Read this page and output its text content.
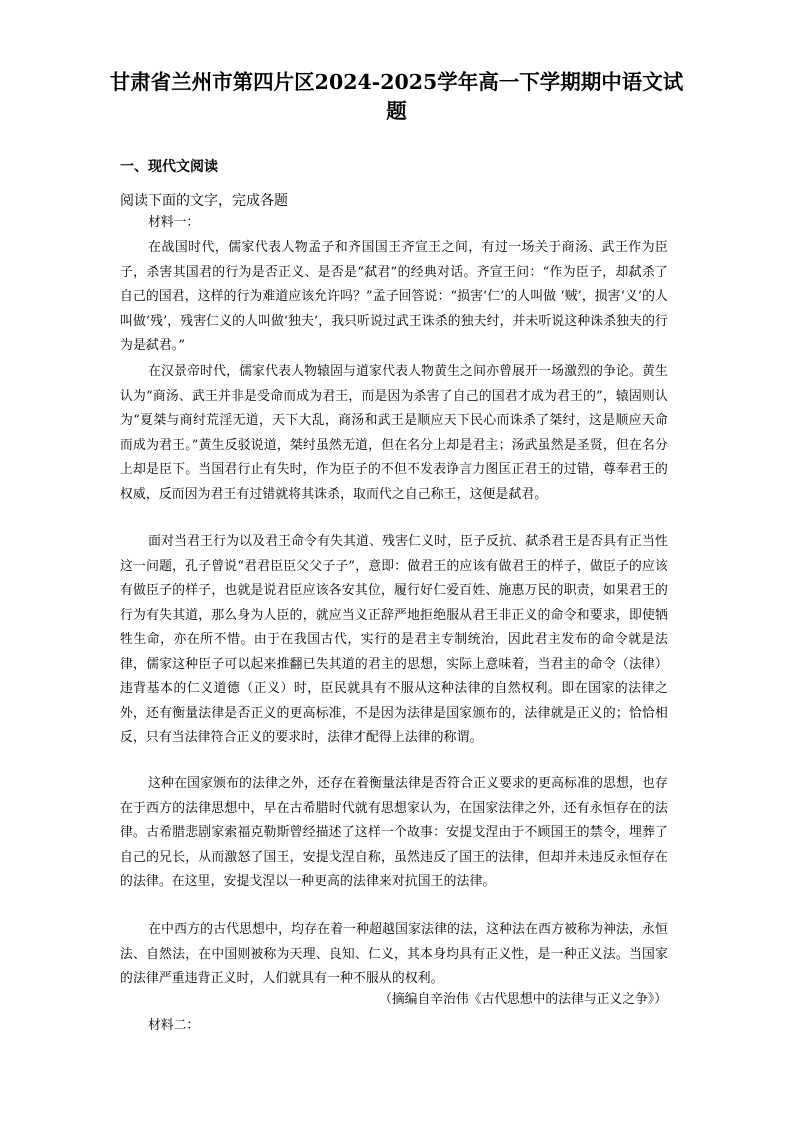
甘肃省兰州市第四片区2024-2025学年高一下学期期中语文试题
一、现代文阅读

阅读下面的文字，完成各题

材料一：

在战国时代，儒家代表人物孟子和齐国国王齐宣王之间，有过一场关于商汤、武王作为臣子，杀害其国君的行为是否正义、是否是“弑君”的经典对话。齐宣王问：“作为臣子，却弑杀了自己的国君，这样的行为难道应该允许吗？”孟子回答说：“损害‘仁’的人叫做 ‘贼’，损害‘义’的人叫做‘残’，残害仁义的人叫做‘独夫’，我只听说过武王诛杀的独夫纣，并未听说这种诛杀独夫的行为是弑君。”

在汉景帝时代，儒家代表人物辕固与道家代表人物黄生之间亦曾展开一场激烈的争论。黄生认为“商汤、武王并非是受命而成为君王，而是因为杀害了自己的国君才成为君王的”，辕固则认为“夏桀与商纣荒淫无道，天下大乱，商汤和武王是顺应天下民心而诛杀了桀纣，这是顺应天命而成为君王。”黄生反驳说道，桀纣虽然无道，但在名分上却是君主；汤武虽然是圣贤，但在名分上却是臣下。当国君行止有失时，作为臣子的不但不发表诤言力图匡正君王的过错，尊奉君王的权威，反而因为君王有过错就将其诛杀，取而代之自己称王，这便是弑君。

面对当君王行为以及君王命令有失其道、残害仁义时，臣子反抗、弑杀君王是否具有正当性这一问题，孔子曾说“君君臣臣父父子子”，意即：做君王的应该有做君王的样子，做臣子的应该有做臣子的样子，也就是说君臣应该各安其位，履行好仁爱百姓、施惠万民的职责，如果君王的行为有失其道，那么身为人臣的，就应当义正辞严地拒绝服从君王非正义的命令和要求，即使牺牲生命，亦在所不惜。由于在我国古代，实行的是君主专制统治，因此君主发布的命令就是法律，儒家这种臣子可以起来推翻已失其道的君主的思想，实际上意味着，当君主的命令（法律）违背基本的仁义道德（正义）时，臣民就具有不服从这种法律的自然权利。即在国家的法律之外，还有衡量法律是否正义的更高标准，不是因为法律是国家颁布的，法律就是正义的；恰恰相反，只有当法律符合正义的要求时，法律才配得上法律的称谓。

这种在国家颁布的法律之外，还存在着衡量法律是否符合正义要求的更高标准的思想，也存在于西方的法律思想中，早在古希腊时代就有思想家认为，在国家法律之外，还有永恒存在的法律。古希腊悲剧家索福克勒斯曾经描述了这样一个故事：安提戈涅由于不顾国王的禁令，埋葬了自己的兄长，从而激怒了国王，安提戈涅自称，虽然违反了国王的法律，但却并未违反永恒存在的法律。在这里，安提戈涅以一种更高的法律来对抗国王的法律。

在中西方的古代思想中，均存在着一种超越国家法律的法，这种法在西方被称为神法，永恒法、自然法，在中国则被称为天理、良知、仁义，其本身均具有正义性，是一种正义法。当国家的法律严重违背正义时，人们就具有一种不服从的权利。

（摘编自辛治伟《古代思想中的法律与正义之争》）

材料二：
